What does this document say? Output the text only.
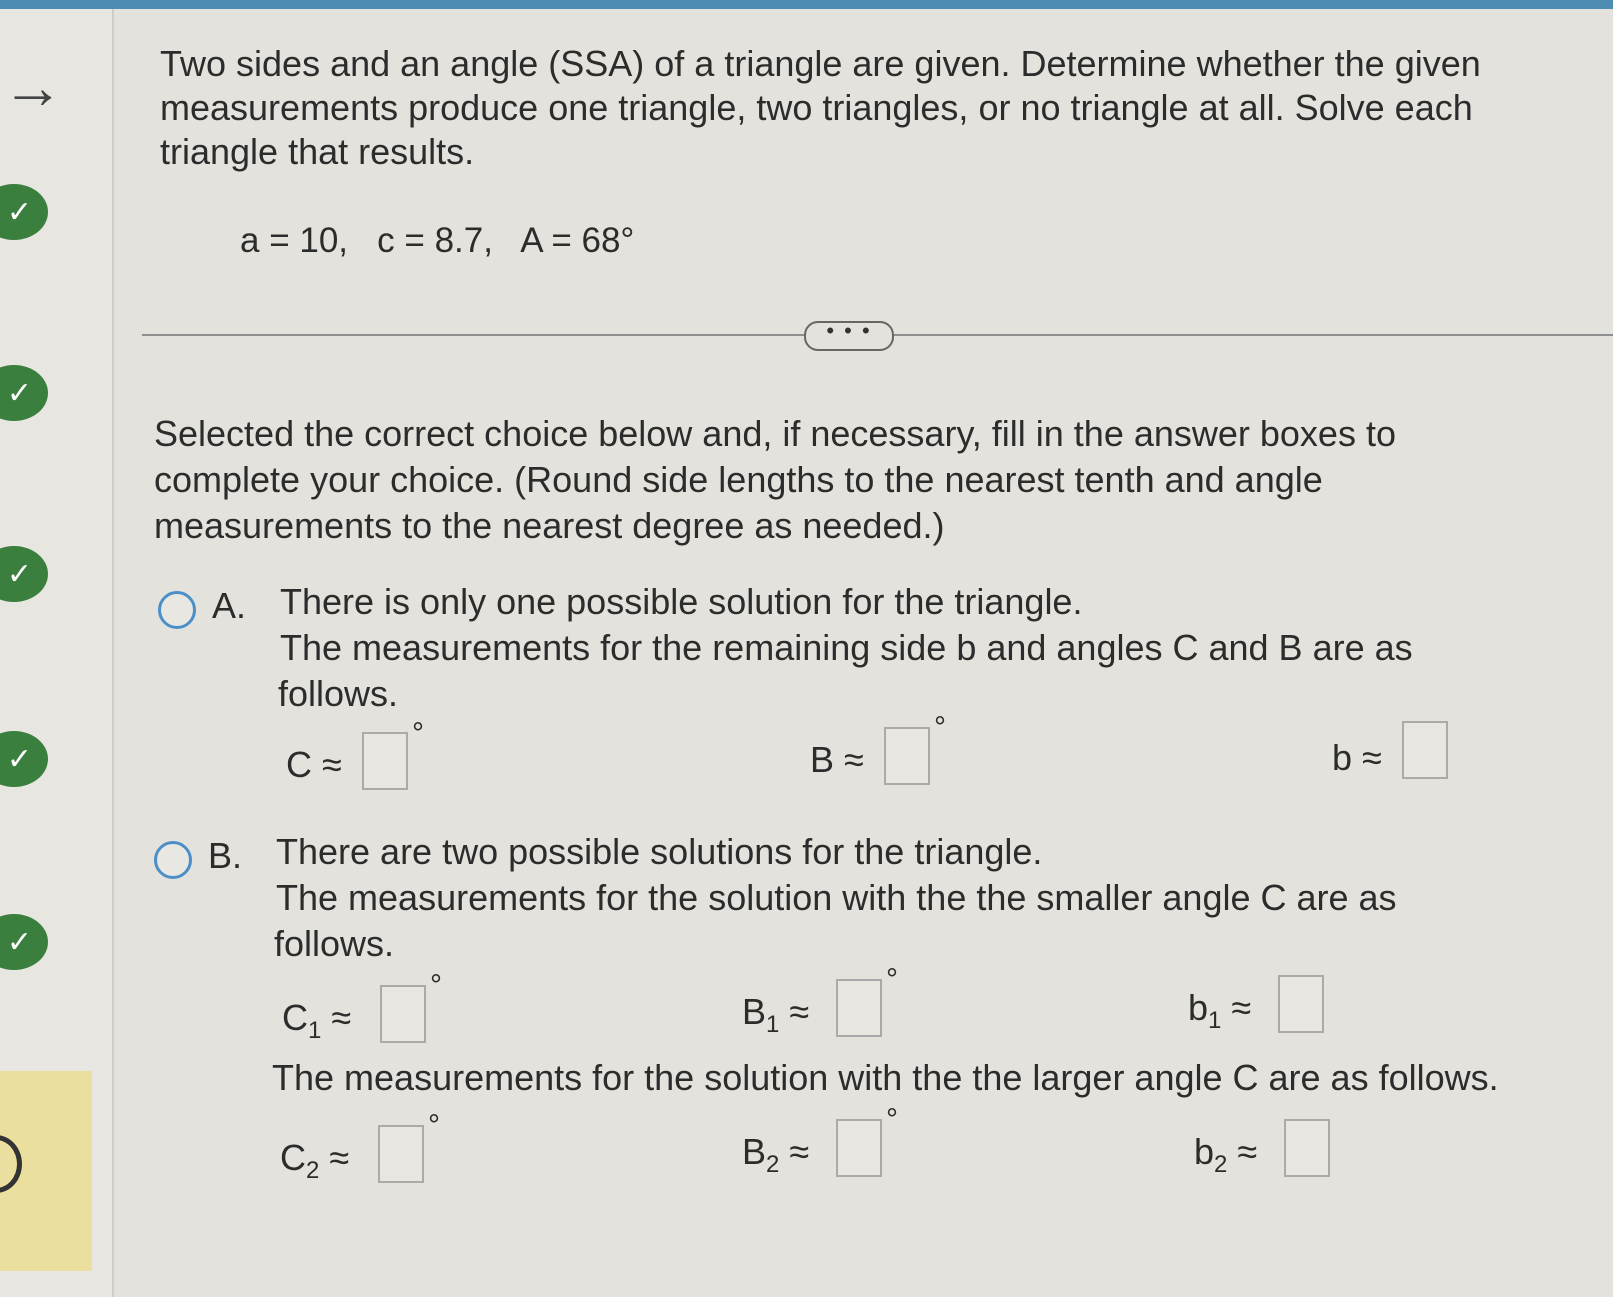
→
✓
✓
✓
✓
✓
Two sides and an angle (SSA) of a triangle are given. Determine whether the given
measurements produce one triangle, two triangles, or no triangle at all. Solve each
triangle that results.
a = 10,   c = 8.7,   A = 68°
• • •
Selected the correct choice below and, if necessary, fill in the answer boxes to
complete your choice. (Round side lengths to the nearest tenth and angle
measurements to the nearest degree as needed.)
A. There is only one possible solution for the triangle.
The measurements for the remaining side b and angles C and B are as
follows.
C ≈
°
B ≈
°
b ≈
B. There are two possible solutions for the triangle.
The measurements for the solution with the the smaller angle C are as
follows.
$C_1$ ≈
°
$B_1$ ≈
°
$b_1$ ≈
The measurements for the solution with the the larger angle C are as follows.
$C_2$ ≈
°
$B_2$ ≈
°
$b_2$ ≈
